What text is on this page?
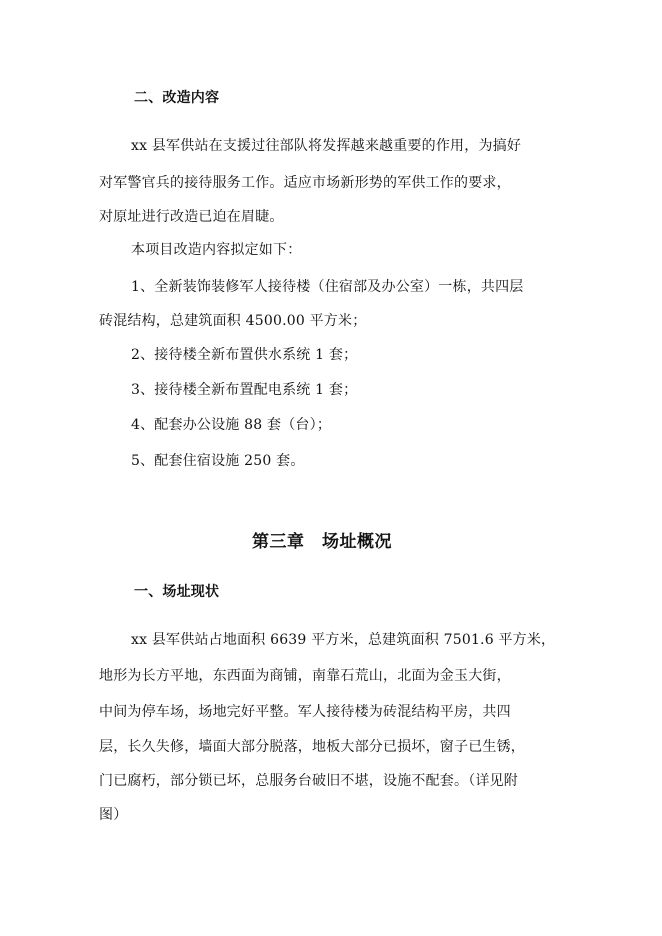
二、改造内容
xx 县军供站在支援过往部队将发挥越来越重要的作用，为搞好
对军警官兵的接待服务工作。适应市场新形势的军供工作的要求，
对原址进行改造已迫在眉睫。
本项目改造内容拟定如下：
1、全新装饰装修军人接待楼（住宿部及办公室）一栋，共四层
砖混结构，总建筑面积 4500.00 平方米；
2、接待楼全新布置供水系统 1 套；
3、接待楼全新布置配电系统 1 套；
4、配套办公设施 88 套（台）；
5、配套住宿设施 250 套。
第三章　场址概况
一、场址现状
xx 县军供站占地面积 6639 平方米，总建筑面积 7501.6 平方米，
地形为长方平地，东西面为商铺，南靠石荒山，北面为金玉大街，
中间为停车场，场地完好平整。军人接待楼为砖混结构平房，共四
层，长久失修，墙面大部分脱落，地板大部分已损坏，窗子已生锈，
门已腐朽，部分锁已坏，总服务台破旧不堪，设施不配套。（详见附
图）
